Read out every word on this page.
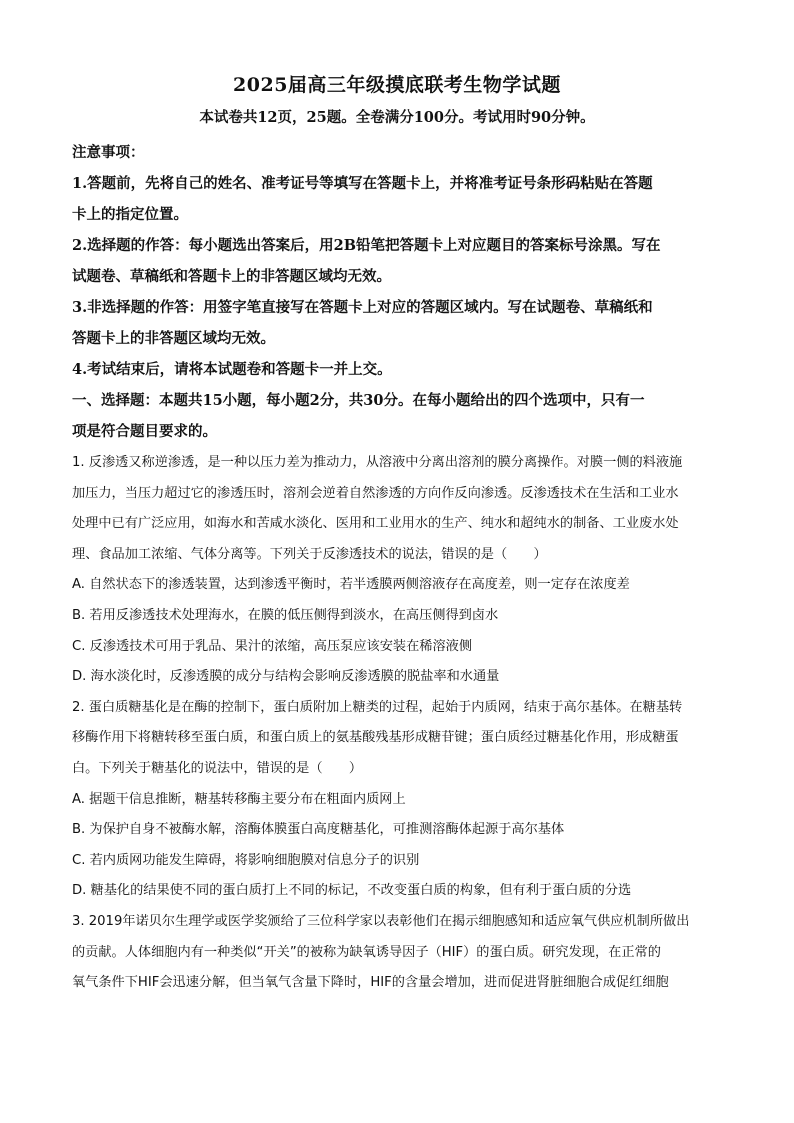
2025届高三年级摸底联考生物学试题
本试卷共12页，25题。全卷满分100分。考试用时90分钟。
注意事项：
1.答题前，先将自己的姓名、准考证号等填写在答题卡上，并将准考证号条形码粘贴在答题
卡上的指定位置。
2.选择题的作答：每小题选出答案后，用2B铅笔把答题卡上对应题目的答案标号涂黑。写在
试题卷、草稿纸和答题卡上的非答题区域均无效。
3.非选择题的作答：用签字笔直接写在答题卡上对应的答题区域内。写在试题卷、草稿纸和
答题卡上的非答题区域均无效。
4.考试结束后，请将本试题卷和答题卡一并上交。
一、选择题：本题共15小题，每小题2分，共30分。在每小题给出的四个选项中，只有一
项是符合题目要求的。
1. 反渗透又称逆渗透，是一种以压力差为推动力，从溶液中分离出溶剂的膜分离操作。对膜一侧的料液施
加压力，当压力超过它的渗透压时，溶剂会逆着自然渗透的方向作反向渗透。反渗透技术在生活和工业水
处理中已有广泛应用，如海水和苦咸水淡化、医用和工业用水的生产、纯水和超纯水的制备、工业废水处
理、食品加工浓缩、气体分离等。下列关于反渗透技术的说法，错误的是（　　）
A. 自然状态下的渗透装置，达到渗透平衡时，若半透膜两侧溶液存在高度差，则一定存在浓度差
B. 若用反渗透技术处理海水，在膜的低压侧得到淡水，在高压侧得到卤水
C. 反渗透技术可用于乳品、果汁的浓缩，高压泵应该安装在稀溶液侧
D. 海水淡化时，反渗透膜的成分与结构会影响反渗透膜的脱盐率和水通量
2. 蛋白质糖基化是在酶的控制下，蛋白质附加上糖类的过程，起始于内质网，结束于高尔基体。在糖基转
移酶作用下将糖转移至蛋白质，和蛋白质上的氨基酸残基形成糖苷键；蛋白质经过糖基化作用，形成糖蛋
白。下列关于糖基化的说法中，错误的是（　　）
A. 据题干信息推断，糖基转移酶主要分布在粗面内质网上
B. 为保护自身不被酶水解，溶酶体膜蛋白高度糖基化，可推测溶酶体起源于高尔基体
C. 若内质网功能发生障碍，将影响细胞膜对信息分子的识别
D. 糖基化的结果使不同的蛋白质打上不同的标记，不改变蛋白质的构象，但有利于蛋白质的分选
3. 2019年诺贝尔生理学或医学奖颁给了三位科学家以表彰他们在揭示细胞感知和适应氧气供应机制所做出
的贡献。人体细胞内有一种类似“开关”的被称为缺氧诱导因子（HIF）的蛋白质。研究发现，在正常的
氧气条件下HIF会迅速分解，但当氧气含量下降时，HIF的含量会增加，进而促进肾脏细胞合成促红细胞
